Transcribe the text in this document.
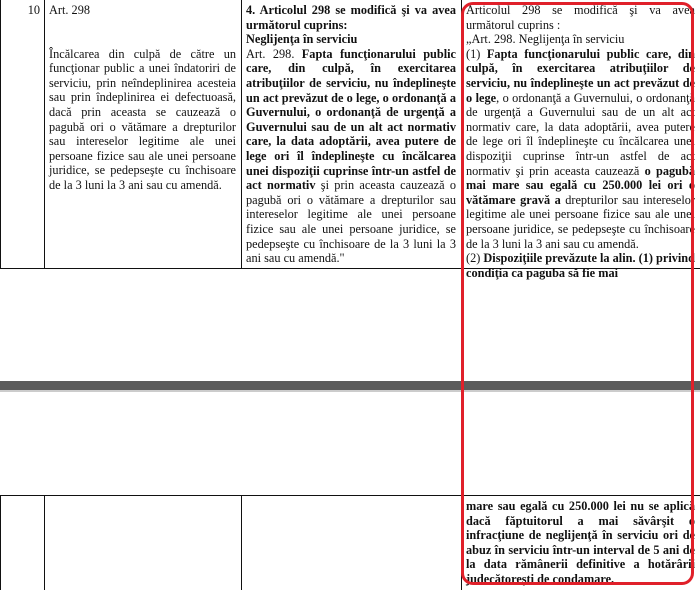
10 Art. 298

Încălcarea din culpă de către un funcţionar public a unei îndatoriri de serviciu, prin neîndeplinirea acesteia sau prin îndeplinirea ei defectuoasă, dacă prin aceasta se cauzează o pagubă ori o vătămare a drepturilor sau intereselor legitime ale unei persoane fizice sau ale unei persoane juridice, se pedepseşte cu închisoare de la 3 luni la 3 ani sau cu amendă.

4. Articolul 298 se modifică şi va avea următorul cuprins:

Neglijenţa în serviciu

Art. 298. Fapta funcţionarului public care, din culpă, în exercitarea atribuţiilor de serviciu, nu îndeplineşte un act prevăzut de o lege, o ordonanţă a Guvernului, o ordonanţă de urgenţă a Guvernului sau de un alt act normativ care, la data adoptării, avea putere de lege ori îl îndeplineşte cu încălcarea unei dispoziţii cuprinse într-un astfel de act normativ şi prin aceasta cauzează o pagubă ori o vătămare a drepturilor sau intereselor legitime ale unei persoane fizice sau ale unei persoane juridice, se pedepseşte cu închisoare de la 3 luni la 3 ani sau cu amendă."

Articolul 298 se modifică şi va avea următorul cuprins :

„Art. 298. Neglijenţa în serviciu

(1) Fapta funcţionarului public care, din culpă, în exercitarea atribuţiilor de serviciu, nu îndeplineşte un act prevăzut de o lege, o ordonanţă a Guvernului, o ordonanţă de urgenţă a Guvernului sau de un alt act normativ care, la data adoptării, avea putere de lege ori îl îndeplineşte cu încălcarea unei dispoziţii cuprinse într-un astfel de act normativ şi prin aceasta cauzează o pagubă mai mare sau egală cu 250.000 lei ori o vătămare gravă a drepturilor sau intereselor legitime ale unei persoane fizice sau ale unei persoane juridice, se pedepseşte cu închisoare de la 3 luni la 3 ani sau cu amendă.

(2) Dispoziţiile prevăzute la alin. (1) privind condiţia ca paguba să fie mai

mare sau egală cu 250.000 lei nu se aplică dacă făptuitorul a mai săvârşit o infracţiune de neglijenţă în serviciu ori de abuz în serviciu într-un interval de 5 ani de la data rămânerii definitive a hotărârii judecătoreşti de condamare.
